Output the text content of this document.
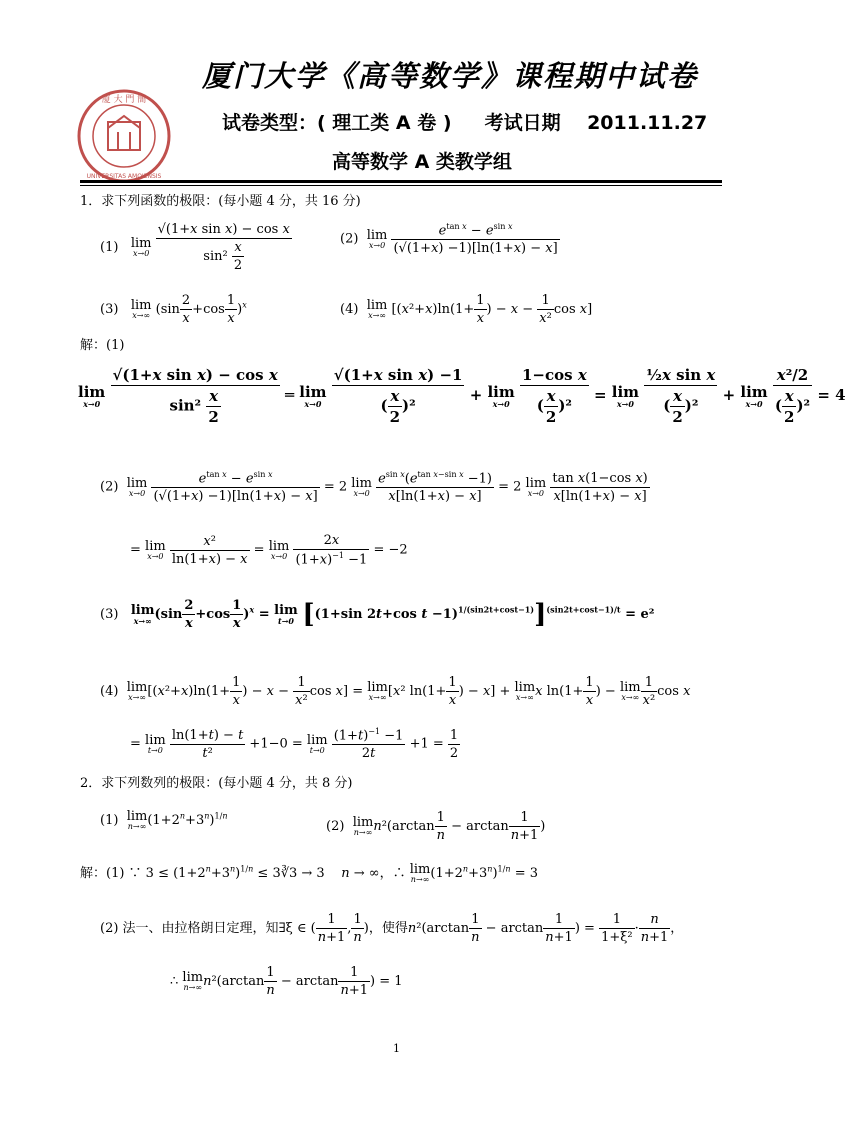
厦 大 門 簡
UNIVERSITAS AMOIENSIS
厦门大学《高等数学》课程期中试卷
试卷类型：( 理工类 A 卷 )     考试日期    2011.11.27
高等数学 A 类教学组
1．求下列函数的极限：(每小题 4 分，共 16 分)
(1) lim
x→0
$\frac{\text{√(1+x sin x) − cos x}}{\sin^2 \frac{x}{2}}$	(2) lim
x→0
$\frac{e^{tan x} - e^{sin x}}{(√(1+x) -1)[\ln(1+x) - x]}$
(3) lim
x→∞ $(\sin \frac{2}{x} +\cos \frac{1}{x} )^x$	(4) lim
x→∞ [$(x^2+x)\ln(1+ \frac{1}{x}$ ) − $x - \frac{1}{\text{x²}}$ cos x]
解：(1)
lim
x→0
$\frac{\text{√(1+x sin x) − cos x}}{\sin^2 \frac{x}{2}}$ ═ lim
x→0
$\frac{\text{√(1+x sin x) −1}}{( \frac{x}{2} )^2} + \lim$
x→0
$\frac{\text{1−cos x}}{( \frac{x}{2} )^2} = \lim$
x→0
$\frac{\text{½x sin x}}{( \frac{x}{2} )^2} + \lim$
x→0
$\frac{\text{x²/2}}{( \frac{x}{2} )^2} = 4$
(2) lim
x→0
$\frac{e^{tan x} - e^{sin x}}{(√(1+x) -1)[\ln(1+x) - x]} = 2$ lim
x→0
$\frac{e^{sin x}(e^{tan x-sin x} -1)}{x[\ln(1+x) - x]} = 2$ lim
x→0
$\frac{\text{tan x(1−cos x)}}{x[\ln(1+x) - x]}$
= lim
x→0
$\frac{\text{x²}}{\ln(1+x) - x} = \lim$
x→0
$\frac{2x}{(1+x)^{-1} -1} = -2$
(3) lim
x→∞ $(\sin \frac{2}{x} +\cos \frac{1}{x} )^x = \lim$
t→0 [(1+sin 2t+cos t −1)$^{1/(sin2t+cost-1)}$]$^{(sin2t+cost-1)/t}$ = e²
(4) lim
x→∞ [$(x^2+x)\ln(1+ \frac{1}{x}$ ) − $x - \frac{1}{\text{x²}}$ cos x] = lim
x→∞ [x² $\ln(1+ \frac{1}{x}$ ) − x] + lim
x→∞ x $\ln(1+ \frac{1}{x}$ ) − lim
$x\to\infty \frac{1}{\text{x²}}$ cos x
= lim
t→0
$\frac{\ln(1+t) - t}{\text{t²}} +1-0 = \lim$
t→0
$\frac{(1+t)^{-1} -1}{2t} +1 = \frac{1}{2}$
2．求下列数列的极限：(每小题 4 分，共 8 分)
(1) lim
n→∞ $(1+2^n+3^n)^{1/n}$
(2) lim
n→∞ $n^2(\arctan \frac{1}{n} - \arctan \frac{1}{n+1}$ )
解：(1) ∵ $3 \le (1+2^n+3^n)^{1/n}$ ≤ 3∛3 → 3    n → ∞，∴ lim
n→∞ $(1+2^n+3^n)^{1/n} = 3$
(2) 法一、由拉格朗日定理，知∃ξ ∈ ( $\frac{1}{n+1}$ , $\frac{1}{n}$ )，使得$n^2(\arctan \frac{1}{n} - \arctan \frac{1}{n+1}$ ) = $\frac{1}{\text{1+ξ²}} \cdot \frac{n}{n+1}$ ，
∴ lim
n→∞ $n^2(\arctan \frac{1}{n} - \arctan \frac{1}{n+1}$ ) = 1
1
